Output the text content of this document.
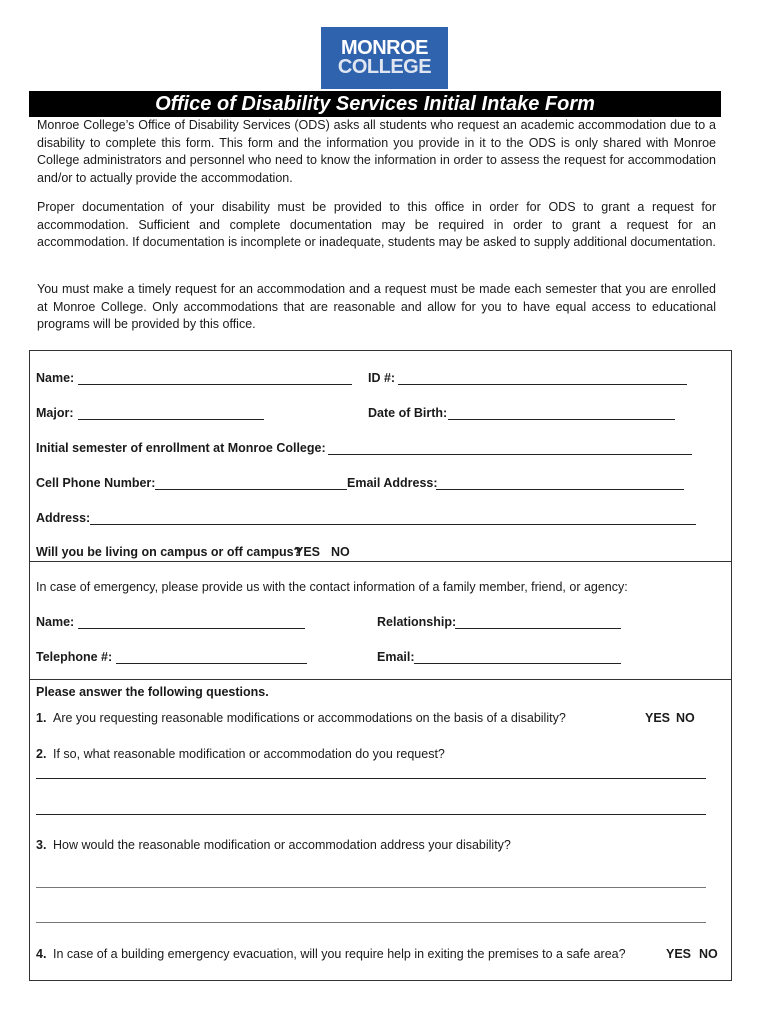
MONROE
COLLEGE
Office of Disability Services Initial Intake Form

Monroe College’s Office of Disability Services (ODS) asks all students who request an academic accommodation due to a disability to complete this form. This form and the information you provide in it to the ODS is only shared with Monroe College administrators and personnel who need to know the information in order to assess the request for accommodation and/or to actually provide the accommodation.

Proper documentation of your disability must be provided to this office in order for ODS to grant a request for accommodation. Sufficient and complete documentation may be required in order to grant a request for an accommodation. If documentation is incomplete or inadequate, students may be asked to supply additional documentation.

You must make a timely request for an accommodation and a request must be made each semester that you are enrolled at Monroe College. Only accommodations that are reasonable and allow for you to have equal access to educational programs will be provided by this office.

Name:	ID #:
Major:	Date of Birth:
Initial semester of enrollment at Monroe College:
Cell Phone Number:	Email Address:
Address:
Will you be living on campus or off campus?
YES NO
In case of emergency, please provide us with the contact information of a family member, friend, or agency:
Name:	Relationship:
Telephone #:	Email:
Please answer the following questions.
1. Are you requesting reasonable modifications or accommodations on the basis of a disability?	YES NO
2. If so, what reasonable modification or accommodation do you request?
3. How would the reasonable modification or accommodation address your disability?
4. In case of a building emergency evacuation, will you require help in exiting the premises to a safe area?	YES NO
